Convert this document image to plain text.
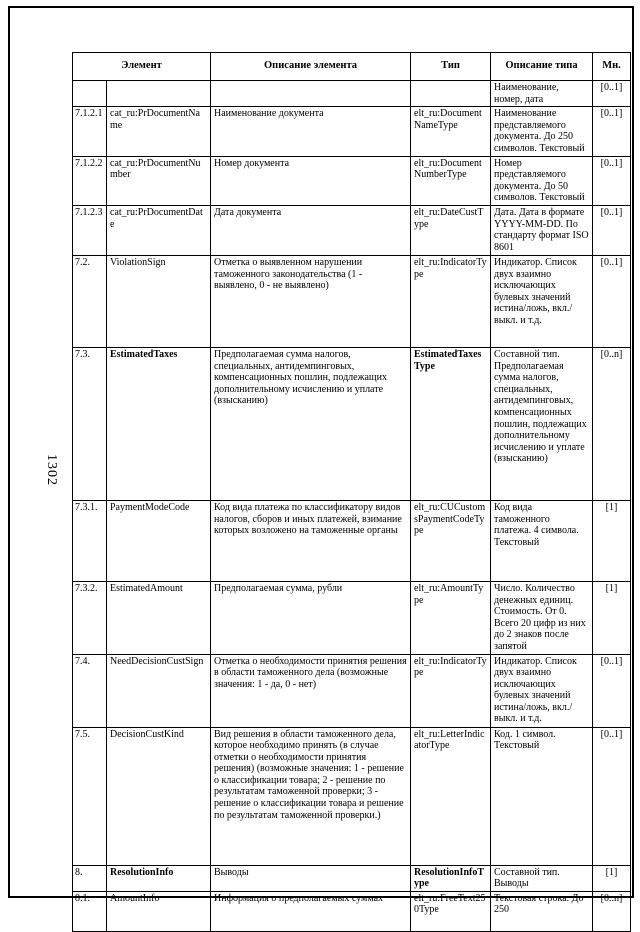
Элемент		Описание элемента	Тип	Описание типа	Мн.
				Наименование, номер, дата	[0..1]
7.1.2.1	cat_ru:PrDocumentName	Наименование документа	elt_ru:DocumentNameType	Наименование представляемого документа. До 250 символов. Текстовый	[0..1]
7.1.2.2	cat_ru:PrDocumentNumber	Номер документа	elt_ru:DocumentNumberType	Номер представляемого документа. До 50 символов. Текстовый	[0..1]
7.1.2.3	cat_ru:PrDocumentDate	Дата документа	elt_ru:DateCustType	Дата. Дата в формате YYYY-MM-DD. По стандарту формат ISO 8601	[0..1]
7.2.	ViolationSign	Отметка о выявленном нарушении таможенного законодательства (1 - выявлено, 0 - не выявлено)	elt_ru:IndicatorType	Индикатор. Список двух взаимно исключающих булевых значений истина/ложь, вкл./выкл. и т.д.	[0..1]
7.3.	EstimatedTaxes	Предполагаемая сумма налогов, специальных, антидемпинговых, компенсационных пошлин, подлежащих дополнительному исчислению и уплате (взысканию)	EstimatedTaxesType	Составной тип. Предполагаемая сумма налогов, специальных, антидемпинговых, компенсационных пошлин, подлежащих дополнительному исчислению и уплате (взысканию)	[0..n]
7.3.1.	PaymentModeCode	Код вида платежа по классификатору видов налогов, сборов и иных платежей, взимание которых возложено на таможенные органы	elt_ru:CUCustomsPaymentCodeType	Код вида таможенного платежа. 4 символа. Текстовый	[1]
7.3.2.	EstimatedAmount	Предполагаемая сумма, рубли	elt_ru:AmountType	Число. Количество денежных единиц. Стоимость. От 0. Всего 20 цифр из них до 2 знаков после запятой	[1]
7.4.	NeedDecisionCustSign	Отметка о необходимости принятия решения в области таможенного дела (возможные значения: 1 - да, 0 - нет)	elt_ru:IndicatorType	Индикатор. Список двух взаимно исключающих булевых значений истина/ложь, вкл./выкл. и т.д.	[0..1]
7.5.	DecisionCustKind	Вид решения в области таможенного дела, которое необходимо принять (в случае отметки о необходимости принятия решения) (возможные значения: 1 - решение о классификации товара; 2 - решение по результатам таможенной проверки; 3 - решение о классификации товара и решение по результатам таможенной проверки.)	elt_ru:LetterIndicatorType	Код. 1 символ. Текстовый	[0..1]
8.	ResolutionInfo	Выводы	ResolutionInfoType	Составной тип. Выводы	[1]
8.1.	AmountInfo	Информация о предполагаемых суммах	elt_ru:FreeText250Type	Текстовая строка. До 250	[0..n]
1302
